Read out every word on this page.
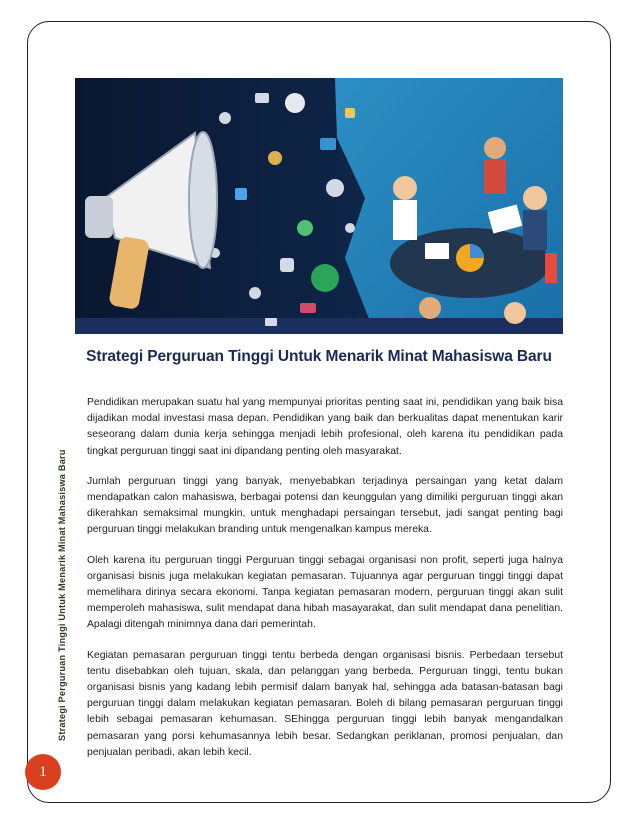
Strategi Perguruan Tinggi Untuk Menarik Minat Mahasiswa Baru

Pendidikan merupakan suatu hal yang mempunyai prioritas penting saat ini, pendidikan yang baik bisa dijadikan modal investasi masa depan. Pendidikan yang baik dan berkualitas dapat menentukan karir seseorang dalam dunia kerja sehingga menjadi lebih profesional, oleh karena itu pendidikan pada tingkat perguruan tinggi saat ini dipandang penting oleh masyarakat.

Jumlah perguruan tinggi yang banyak, menyebabkan terjadinya persaingan yang ketat dalam mendapatkan calon mahasiswa, berbagai potensi dan keunggulan yang dimiliki perguruan tinggi akan dikerahkan semaksimal mungkin, untuk menghadapi persaingan tersebut, jadi sangat penting bagi perguruan tinggi melakukan branding untuk mengenalkan kampus mereka.

Oleh karena itu perguruan tinggi Perguruan tinggi sebagai organisasi non profit, seperti juga halnya organisasi bisnis juga melakukan kegiatan pemasaran. Tujuannya agar perguruan tinggi tinggi dapat memelihara dirinya secara ekonomi. Tanpa kegiatan pemasaran modern, perguruan tinggi akan sulit memperoleh mahasiswa, sulit mendapat dana hibah masayarakat, dan sulit mendapat dana penelitian. Apalagi ditengah minimnya dana dari pemerintah.

Kegiatan pemasaran perguruan tinggi tentu berbeda dengan organisasi bisnis. Perbedaan tersebut tentu disebabkan oleh tujuan, skala, dan pelanggan yang berbeda. Perguruan tinggi, tentu bukan organisasi bisnis yang kadang lebih permisif dalam banyak hal, sehingga ada batasan-batasan bagi perguruan tinggi dalam melakukan kegiatan pemasaran. Boleh di bilang pemasaran perguruan tinggi lebih sebagai pemasaran kehumasan. SEhingga perguruan tinggi lebih banyak mengandalkan pemasaran yang porsi kehumasannya lebih besar. Sedangkan periklanan, promosi penjualan, dan penjualan peribadi, akan lebih kecil.

Strategi Perguruan Tinggi Untuk Menarik Minat Mahasiswa Baru
1
